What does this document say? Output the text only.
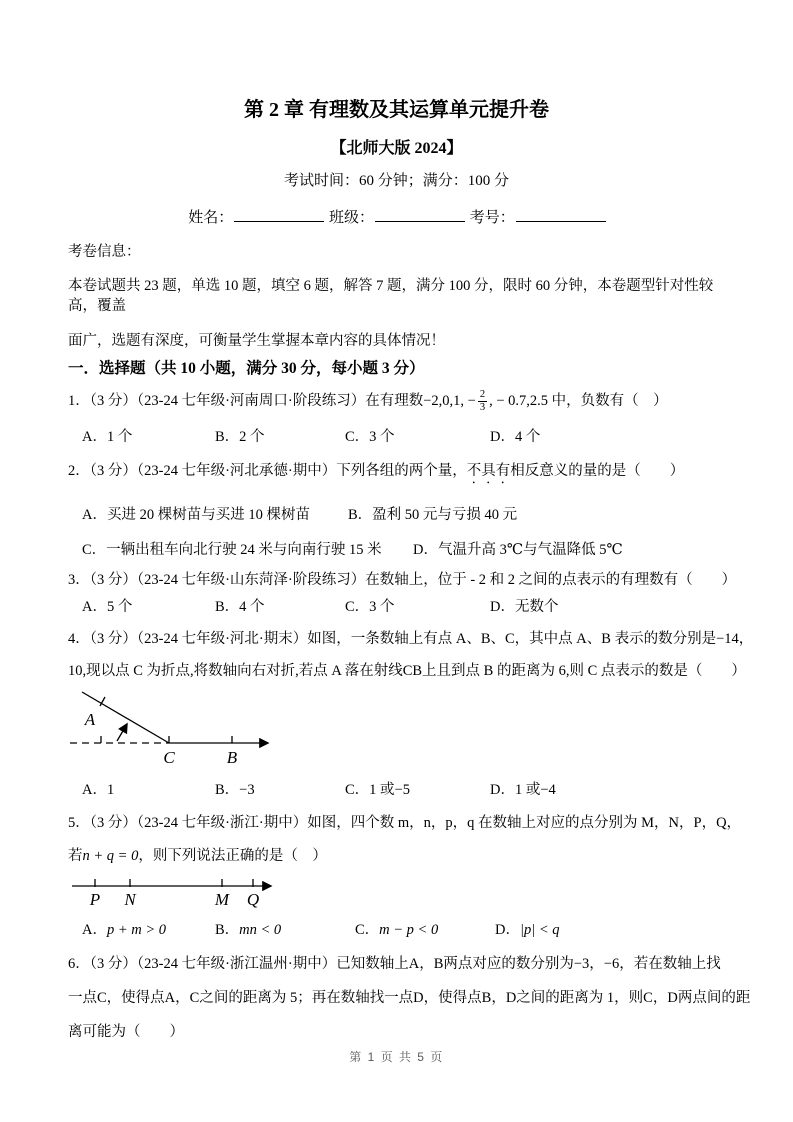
第 2 章 有理数及其运算单元提升卷
【北师大版 2024】
考试时间：60 分钟；满分：100 分
姓名：	班级：	考号：
考卷信息：
本卷试题共 23 题，单选 10 题，填空 6 题，解答 7 题，满分 100 分，限时 60 分钟，本卷题型针对性较高，覆盖
面广，选题有深度，可衡量学生掌握本章内容的具体情况！
一．选择题（共 10 小题，满分 30 分，每小题 3 分）
1．（3 分）（23-24 七年级·河南周口·阶段练习）在有理数−2,0,1, − $\frac{2}{3}$ , − 0.7,2.5 中，负数有（　）
A．1 个	B．2 个	C．3 个	D．4 个
2．（3 分）（23-24 七年级·河北承德·期中）下列各组的两个量，不具有相反意义的量的是（　　）
A．买进 20 棵树苗与买进 10 棵树苗	B．盈利 50 元与亏损 40 元
C．一辆出租车向北行驶 24 米与向南行驶 15 米	D．气温升高 3℃与气温降低 5℃
3．（3 分）（23-24 七年级·山东菏泽·阶段练习）在数轴上，位于 - 2 和 2 之间的点表示的有理数有（　　）
A．5 个	B．4 个	C．3 个	D．无数个
4．（3 分）（23-24 七年级·河北·期末）如图，一条数轴上有点 A、B、C，其中点 A、B 表示的数分别是−14，
10,现以点 C 为折点,将数轴向右对折,若点 A 落在射线CB上且到点 B 的距离为 6,则 C 点表示的数是（　　）
A
C	B
A．1	B．−3	C．1 或−5	D．1 或−4
5．（3 分）（23-24 七年级·浙江·期中）如图，四个数 m，n，p，q 在数轴上对应的点分别为 M，N，P，Q，
若n + q = 0，则下列说法正确的是（　）
P N	M Q
A．p + m > 0	B．mn < 0	C．m − p < 0	D．|p| < q
6．（3 分）（23-24 七年级·浙江温州·期中）已知数轴上A，B两点对应的数分别为−3，−6，若在数轴上找
一点C，使得点A，C之间的距离为 5；再在数轴找一点D，使得点B，D之间的距离为 1，则C，D两点间的距
离可能为（　　）
第 1 页 共 5 页
